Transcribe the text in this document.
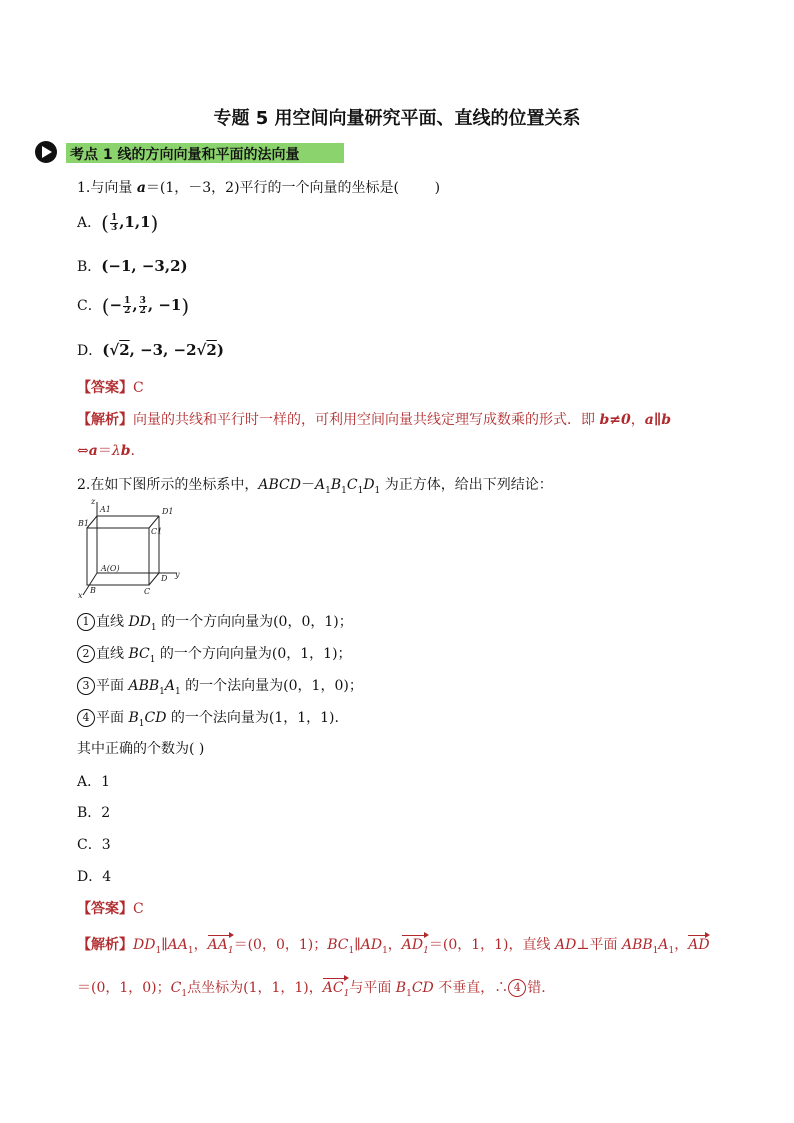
专题 5 用空间向量研究平面、直线的位置关系
考点 1 线的方向向量和平面的法向量
1.与向量 a＝(1，－3，2)平行的一个向量的坐标是(        )
A．( $\frac{1}{3} ,1,1$)
B．(−1, −3,2)
C．(− $\frac{1}{2}$ , $\frac{3}{2}$ , −1)
D．(√2, −3, −2√2)
【答案】C
【解析】向量的共线和平行时一样的，可利用空间向量共线定理写成数乘的形式．即 b≠0，a∥b
⇔a＝λb.
2.在如下图所示的坐标系中，$ABCD-A_1B_1C_1D_1$ 为正方体，给出下列结论：
z
A1	D1
B1
C1
A(O)
D y
B	C
x
1 直线 $DD_1$ 的一个方向向量为(0，0，1)；
2 直线 $BC_1$ 的一个方向向量为(0，1，1)；
3 平面 $ABB_1A_1$ 的一个法向量为(0，1，0)；
4 平面 $B_1CD$ 的一个法向量为(1，1，1).
其中正确的个数为( )
A．1
B．2
C．3
D．4
【答案】C
【解析】$DD_1\parallel AA_1$，$AA_1=(0$，0，1)；$BC_1\parallel AD_1$，$AD_1=(0$，1，1)，直线 AD⊥平面 $ABB_1A_1$，AD
＝(0，1，0)；$C_1$点坐标为(1，1，1)，$AC_1$与平面 $B_1CD$ 不垂直，∴ 4 错.
